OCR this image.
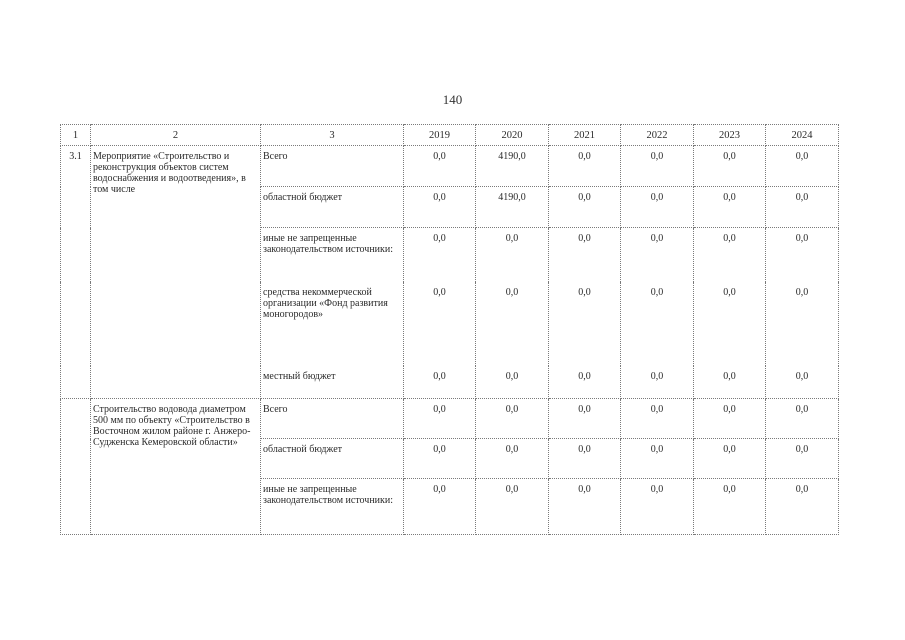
140
1	2	3	2019	2020	2021	2022	2023	2024
3.1	Мероприятие «Строительство и реконструкция объектов систем водоснабжения и водоотведения», в том числе	Всего	0,0	4190,0	0,0	0,0	0,0	0,0
		областной бюджет	0,0	4190,0	0,0	0,0	0,0	0,0
		иные не запрещенные законодательством источники:	0,0	0,0	0,0	0,0	0,0	0,0
		средства некоммерческой организации «Фонд развития моногородов»	0,0	0,0	0,0	0,0	0,0	0,0
		местный бюджет	0,0	0,0	0,0	0,0	0,0	0,0
	Строительство водовода диаметром 500 мм по объекту «Строительство в Восточном жилом районе г. Анжеро-Судженска Кемеровской области»	Всего	0,0	0,0	0,0	0,0	0,0	0,0
		областной бюджет	0,0	0,0	0,0	0,0	0,0	0,0
		иные не запрещенные законодательством источники:	0,0	0,0	0,0	0,0	0,0	0,0
